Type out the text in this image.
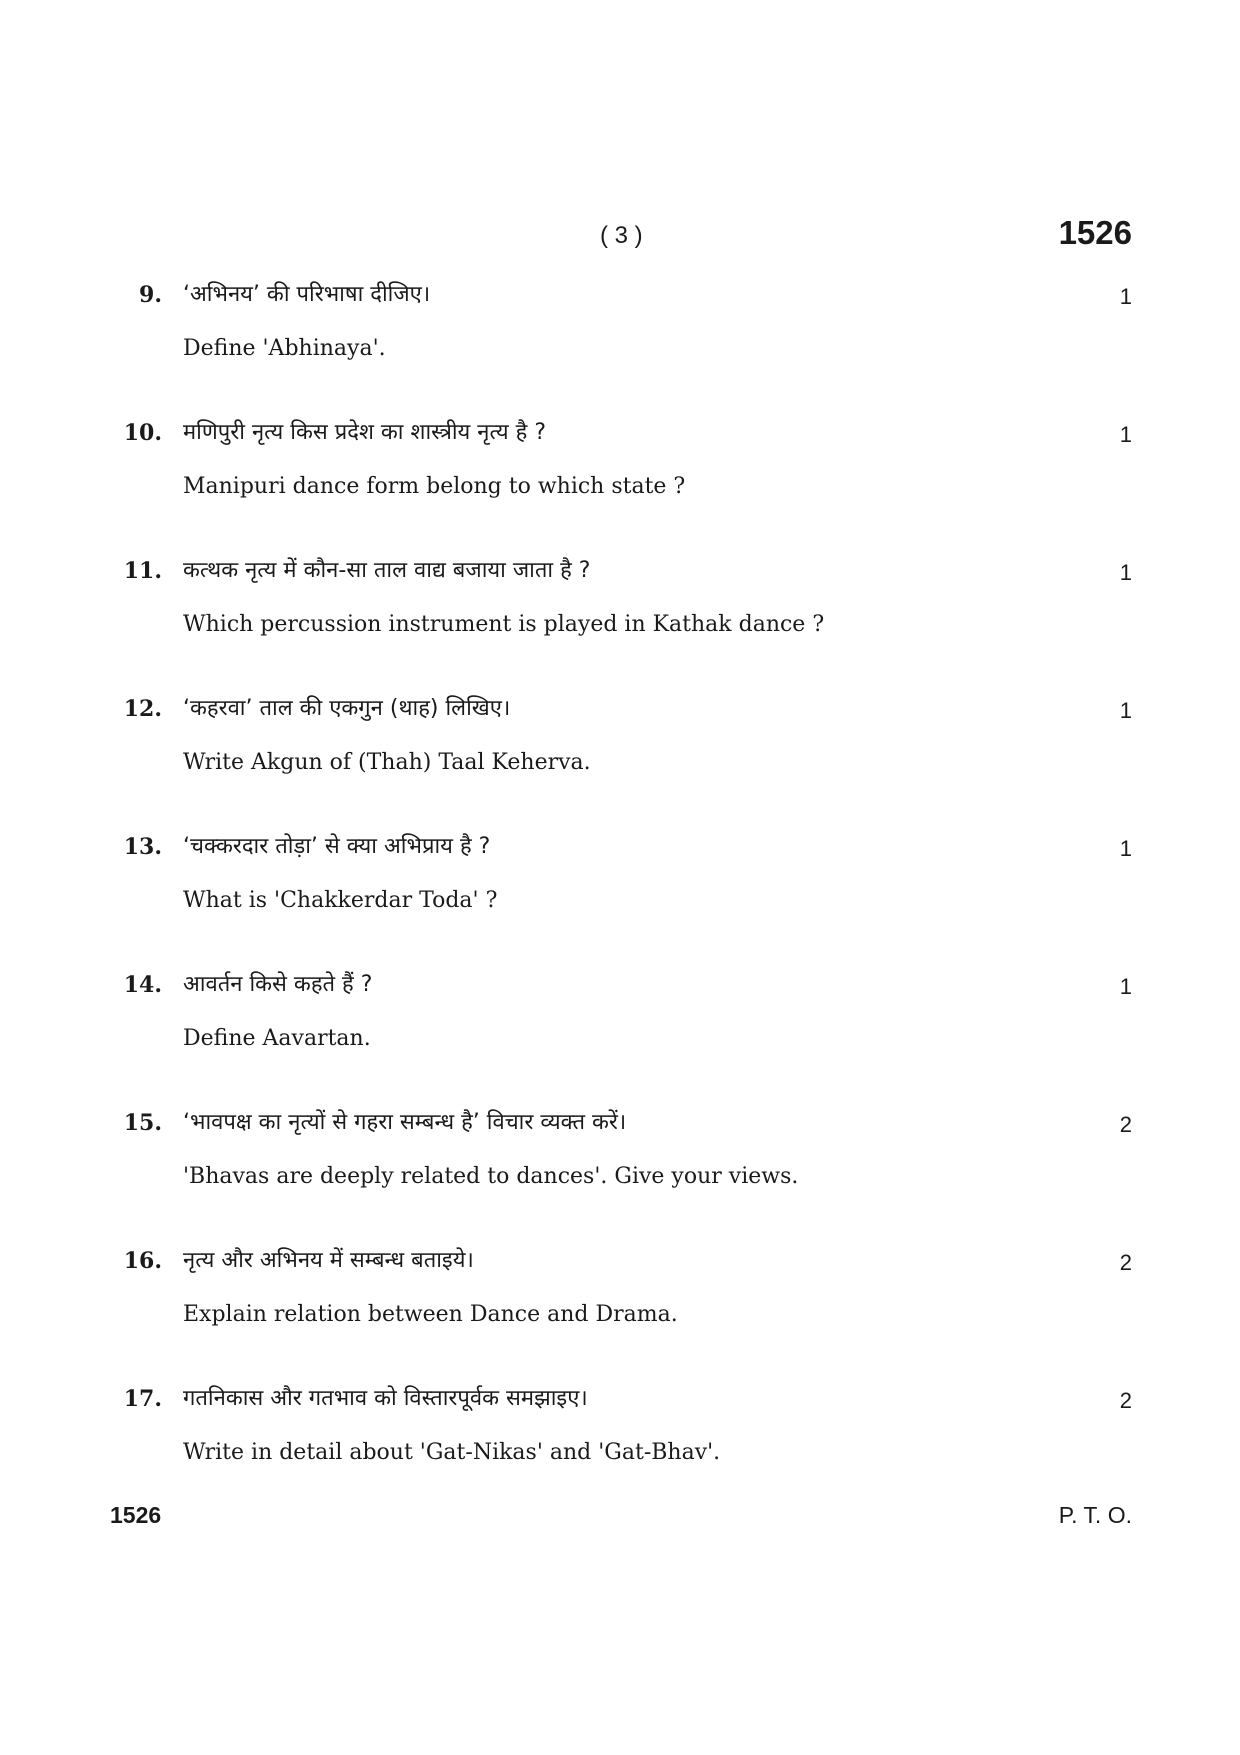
( 3 )	1526
9. ‘अभिनय’ की परिभाषा दीजिए।
Define 'Abhinaya'.
1
10. मणिपुरी नृत्य किस प्रदेश का शास्त्रीय नृत्य है ?
Manipuri dance form belong to which state ?
1
11. कत्थक नृत्य में कौन-सा ताल वाद्य बजाया जाता है ?
Which percussion instrument is played in Kathak dance ?
1
12. ‘कहरवा’ ताल की एकगुन (थाह) लिखिए।
Write Akgun of (Thah) Taal Keherva.
1
13. ‘चक्करदार तोड़ा’ से क्या अभिप्राय है ?
What is 'Chakkerdar Toda' ?
1
14. आवर्तन किसे कहते हैं ?
Define Aavartan.
1
15. ‘भावपक्ष का नृत्यों से गहरा सम्बन्ध है’ विचार व्यक्त करें।
'Bhavas are deeply related to dances'. Give your views.
2
16. नृत्य और अभिनय में सम्बन्ध बताइये।
Explain relation between Dance and Drama.
2
17. गतनिकास और गतभाव को विस्तारपूर्वक समझाइए।
Write in detail about 'Gat-Nikas' and 'Gat-Bhav'.
2
1526	P. T. O.
